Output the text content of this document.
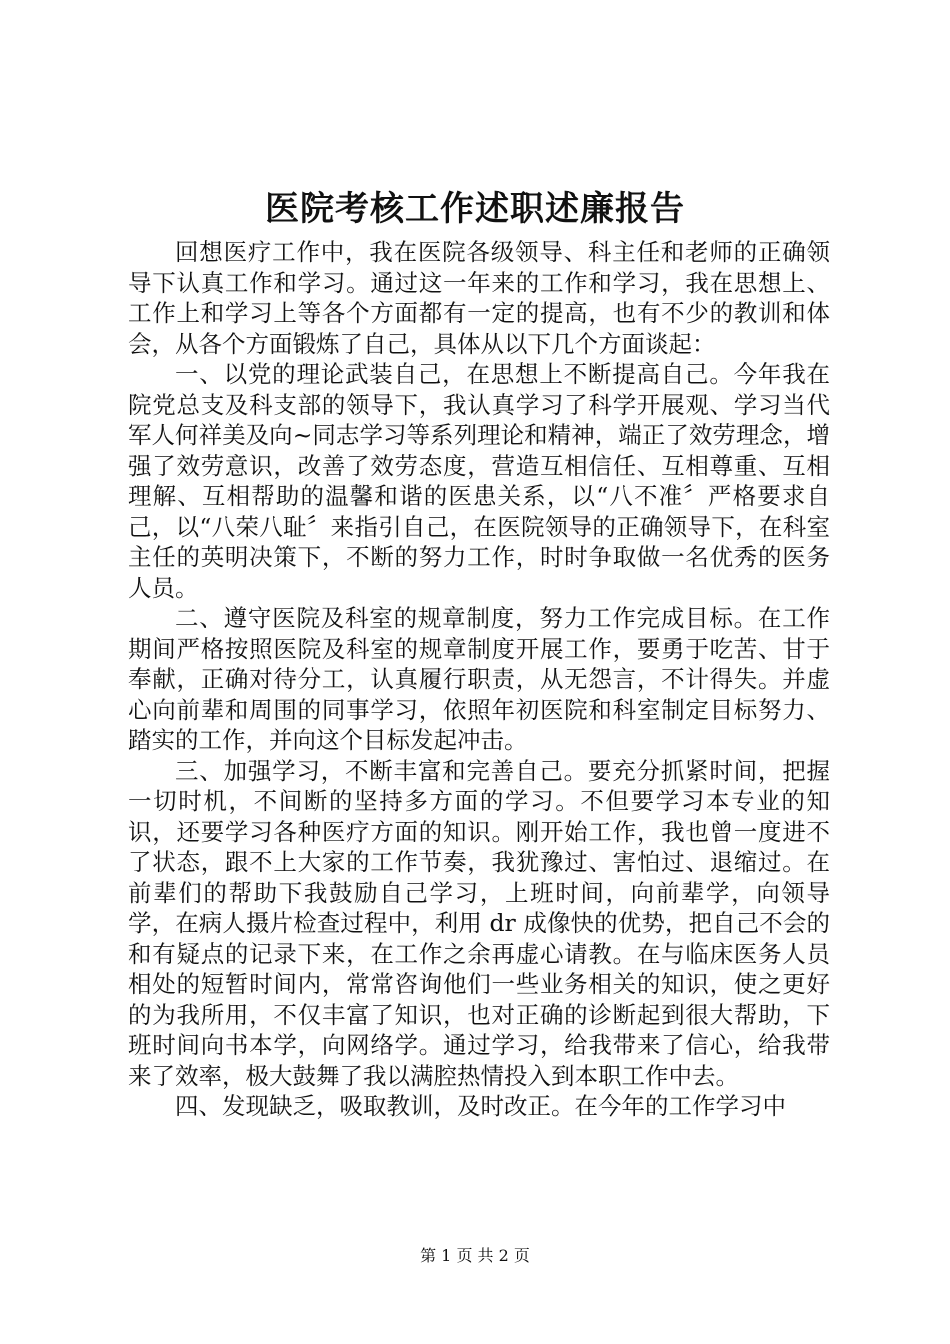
医院考核工作述职述廉报告

回想医疗工作中，我在医院各级领导、科主任和老师的正确领导下认真工作和学习。通过这一年来的工作和学习，我在思想上、工作上和学习上等各个方面都有一定的提高，也有不少的教训和体会，从各个方面锻炼了自己，具体从以下几个方面谈起：

一、以党的理论武装自己，在思想上不断提高自己。今年我在院党总支及科支部的领导下，我认真学习了科学开展观、学习当代军人何祥美及向~同志学习等系列理论和精神，端正了效劳理念，增强了效劳意识，改善了效劳态度，营造互相信任、互相尊重、互相理解、互相帮助的温馨和谐的医患关系，以“八不准〞严格要求自己，以“八荣八耻〞来指引自己，在医院领导的正确领导下，在科室主任的英明决策下，不断的努力工作，时时争取做一名优秀的医务人员。

二、遵守医院及科室的规章制度，努力工作完成目标。在工作期间严格按照医院及科室的规章制度开展工作，要勇于吃苦、甘于奉献，正确对待分工，认真履行职责，从无怨言，不计得失。并虚心向前辈和周围的同事学习，依照年初医院和科室制定目标努力、踏实的工作，并向这个目标发起冲击。

三、加强学习，不断丰富和完善自己。要充分抓紧时间，把握一切时机，不间断的坚持多方面的学习。不但要学习本专业的知识，还要学习各种医疗方面的知识。刚开始工作，我也曾一度进不了状态，跟不上大家的工作节奏，我犹豫过、害怕过、退缩过。在前辈们的帮助下我鼓励自己学习，上班时间，向前辈学，向领导学，在病人摄片检查过程中，利用 dr 成像快的优势，把自己不会的和有疑点的记录下来，在工作之余再虚心请教。在与临床医务人员相处的短暂时间内，常常咨询他们一些业务相关的知识，使之更好的为我所用，不仅丰富了知识，也对正确的诊断起到很大帮助，下班时间向书本学，向网络学。通过学习，给我带来了信心，给我带来了效率，极大鼓舞了我以满腔热情投入到本职工作中去。

四、发现缺乏，吸取教训，及时改正。在今年的工作学习中

第 1 页 共 2 页
